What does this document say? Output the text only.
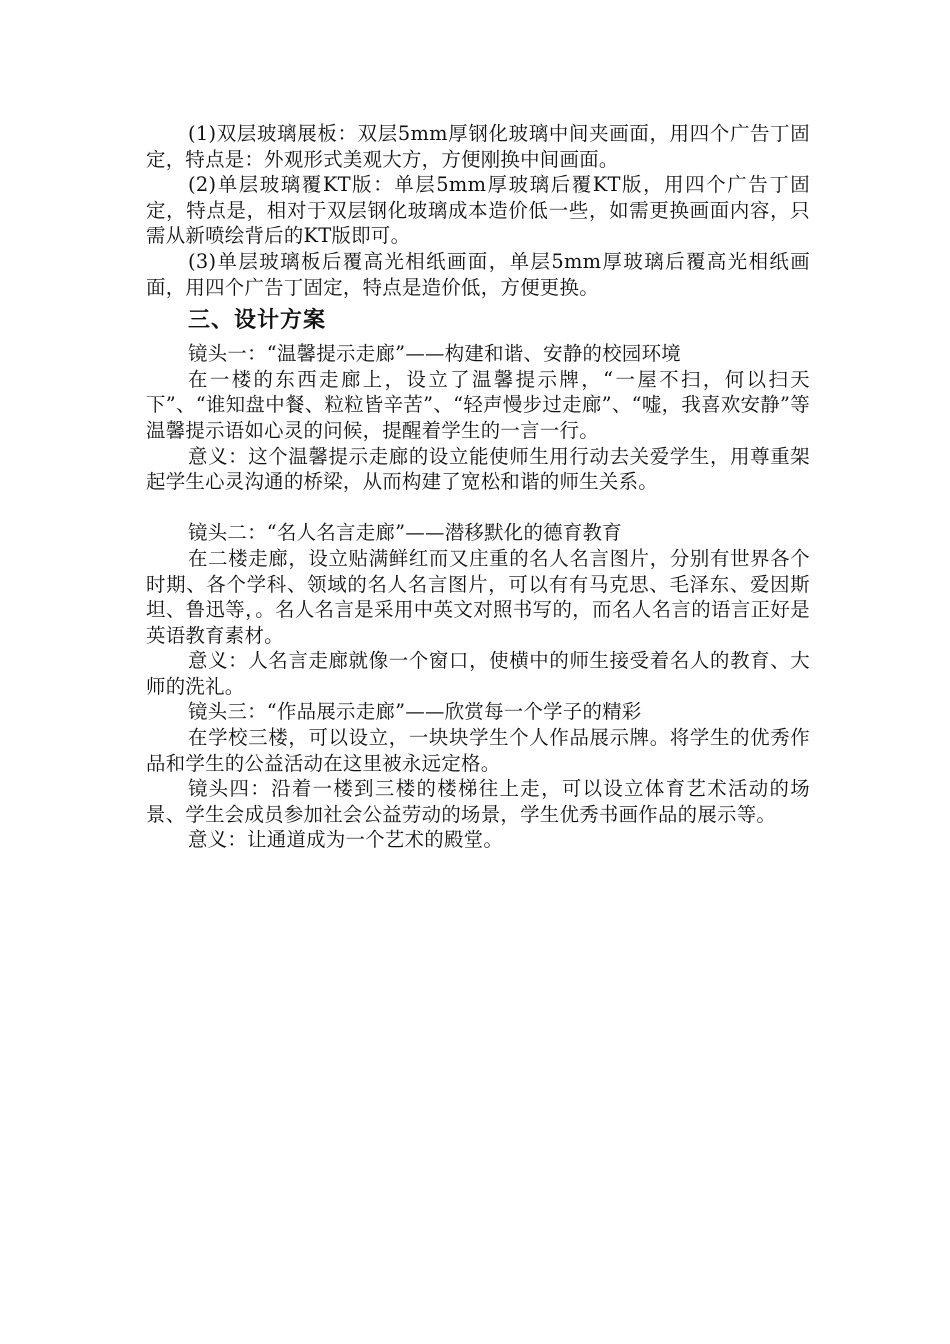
(1)双层玻璃展板：双层5mm厚钢化玻璃中间夹画面，用四个广告丁固定，特点是：外观形式美观大方，方便刚换中间画面。

(2)单层玻璃覆KT版：单层5mm厚玻璃后覆KT版，用四个广告丁固定，特点是，相对于双层钢化玻璃成本造价低一些，如需更换画面内容，只需从新喷绘背后的KT版即可。

(3)单层玻璃板后覆高光相纸画面，单层5mm厚玻璃后覆高光相纸画面，用四个广告丁固定，特点是造价低，方便更换。

三、设计方案

镜头一：“温馨提示走廊”——构建和谐、安静的校园环境

在一楼的东西走廊上，设立了温馨提示牌，“一屋不扫，何以扫天下”、“谁知盘中餐、粒粒皆辛苦”、“轻声慢步过走廊”、“嘘，我喜欢安静”等温馨提示语如心灵的问候，提醒着学生的一言一行。

意义：这个温馨提示走廊的设立能使师生用行动去关爱学生，用尊重架起学生心灵沟通的桥梁，从而构建了宽松和谐的师生关系。

镜头二：“名人名言走廊”——潜移默化的德育教育

在二楼走廊，设立贴满鲜红而又庄重的名人名言图片，分别有世界各个时期、各个学科、领域的名人名言图片，可以有有马克思、毛泽东、爱因斯坦、鲁迅等，。名人名言是采用中英文对照书写的，而名人名言的语言正好是英语教育素材。

意义：人名言走廊就像一个窗口，使横中的师生接受着名人的教育、大师的洗礼。

镜头三：“作品展示走廊”——欣赏每一个学子的精彩

在学校三楼，可以设立，一块块学生个人作品展示牌。将学生的优秀作品和学生的公益活动在这里被永远定格。

镜头四：沿着一楼到三楼的楼梯往上走，可以设立体育艺术活动的场景、学生会成员参加社会公益劳动的场景，学生优秀书画作品的展示等。

意义：让通道成为一个艺术的殿堂。
